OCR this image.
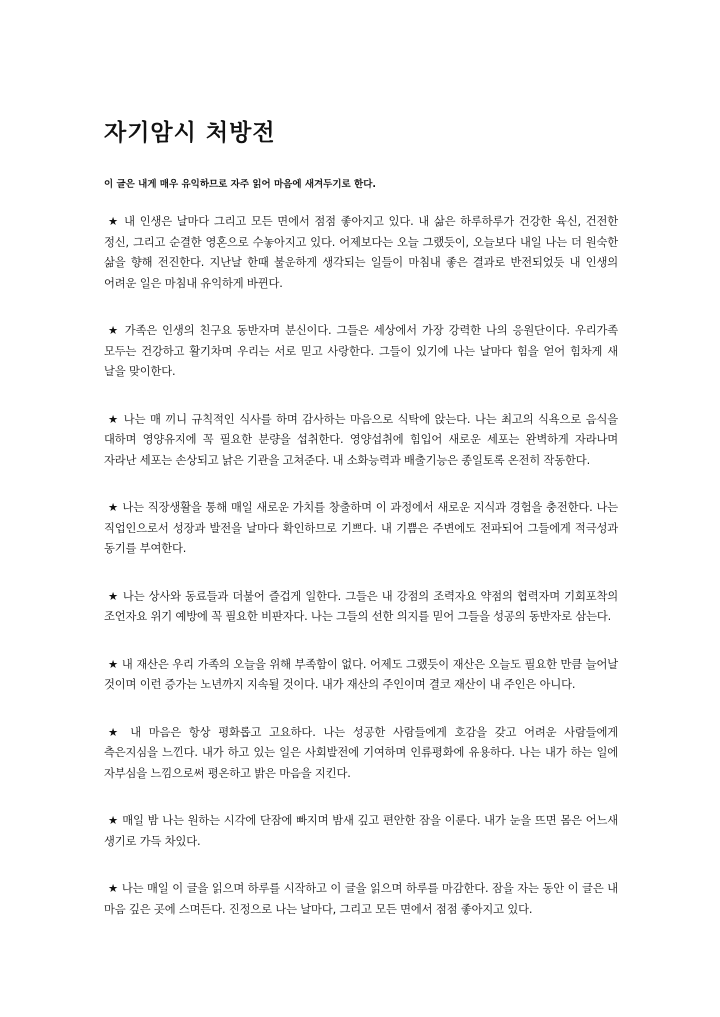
자기암시 처방전

이 글은 내게 매우 유익하므로 자주 읽어 마음에 새겨두기로 한다.

★ 내 인생은 날마다 그리고 모든 면에서 점점 좋아지고 있다. 내 삶은 하루하루가 건강한 육신, 건전한 정신, 그리고 순결한 영혼으로 수놓아지고 있다. 어제보다는 오늘 그랬듯이, 오늘보다 내일 나는 더 원숙한 삶을 향해 전진한다. 지난날 한때 불운하게 생각되는 일들이 마침내 좋은 결과로 반전되었듯 내 인생의 어려운 일은 마침내 유익하게 바뀐다.

★ 가족은 인생의 친구요 동반자며 분신이다. 그들은 세상에서 가장 강력한 나의 응원단이다. 우리가족 모두는 건강하고 활기차며 우리는 서로 믿고 사랑한다. 그들이 있기에 나는 날마다 힘을 얻어 힘차게 새 날을 맞이한다.

★ 나는 매 끼니 규칙적인 식사를 하며 감사하는 마음으로 식탁에 앉는다. 나는 최고의 식욕으로 음식을 대하며 영양유지에 꼭 필요한 분량을 섭취한다. 영양섭취에 힘입어 새로운 세포는 완벽하게 자라나며 자라난 세포는 손상되고 낡은 기관을 고쳐준다. 내 소화능력과 배출기능은 종일토록 온전히 작동한다.

★ 나는 직장생활을 통해 매일 새로운 가치를 창출하며 이 과정에서 새로운 지식과 경험을 충전한다. 나는 직업인으로서 성장과 발전을 날마다 확인하므로 기쁘다. 내 기쁨은 주변에도 전파되어 그들에게 적극성과 동기를 부여한다.

★ 나는 상사와 동료들과 더불어 즐겁게 일한다. 그들은 내 강점의 조력자요 약점의 협력자며 기회포착의 조언자요 위기 예방에 꼭 필요한 비판자다. 나는 그들의 선한 의지를 믿어 그들을 성공의 동반자로 삼는다.

★ 내 재산은 우리 가족의 오늘을 위해 부족함이 없다. 어제도 그랬듯이 재산은 오늘도 필요한 만큼 늘어날 것이며 이런 증가는 노년까지 지속될 것이다. 내가 재산의 주인이며 결코 재산이 내 주인은 아니다.

★ 내 마음은 항상 평화롭고 고요하다. 나는 성공한 사람들에게 호감을 갖고 어려운 사람들에게 측은지심을 느낀다. 내가 하고 있는 일은 사회발전에 기여하며 인류평화에 유용하다. 나는 내가 하는 일에 자부심을 느낌으로써 평온하고 밝은 마음을 지킨다.

★ 매일 밤 나는 원하는 시각에 단잠에 빠지며 밤새 깊고 편안한 잠을 이룬다. 내가 눈을 뜨면 몸은 어느새 생기로 가득 차있다.

★ 나는 매일 이 글을 읽으며 하루를 시작하고 이 글을 읽으며 하루를 마감한다. 잠을 자는 동안 이 글은 내 마음 깊은 곳에 스며든다. 진정으로 나는 날마다, 그리고 모든 면에서 점점 좋아지고 있다.
